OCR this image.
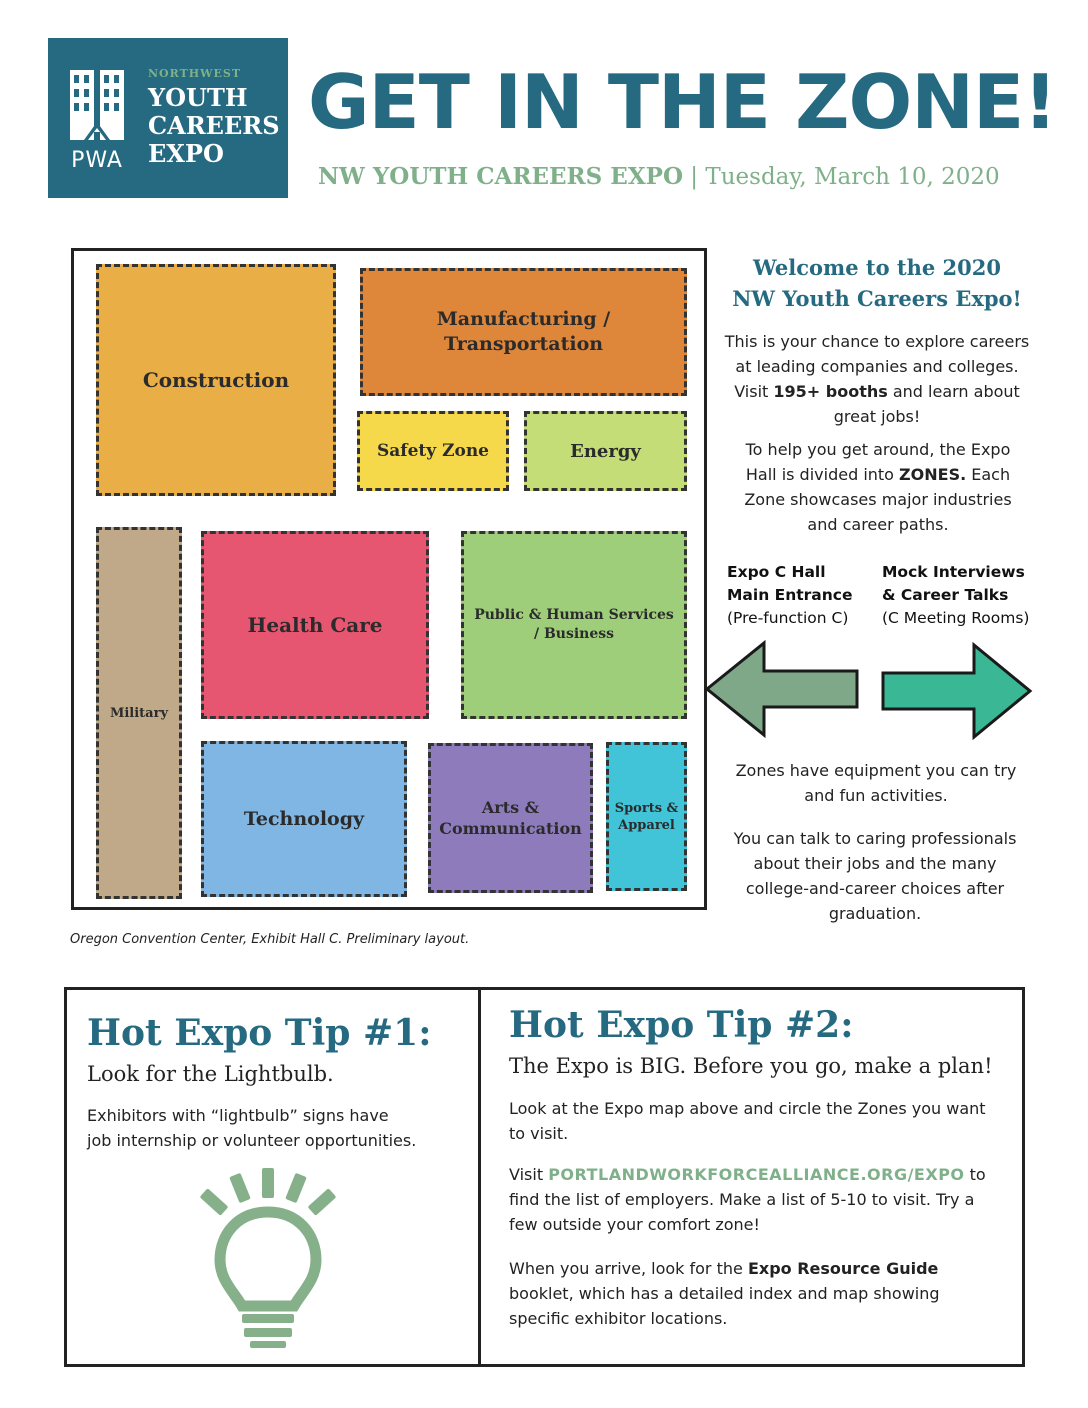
PWA
NORTHWEST
YOUTH
CAREERS
EXPO
GET IN THE ZONE!
NW YOUTH CAREERS EXPO | Tuesday, March 10, 2020
Construction
Manufacturing / Transportation
Safety Zone	Energy
Military
Health Care	Public & Human Services / Business
Technology
Arts & Communication
Sports & Apparel
Oregon Convention Center, Exhibit Hall C. Preliminary layout.
Welcome to the 2020
NW Youth Careers Expo!
This is your chance to explore careers at leading companies and colleges. Visit 195+ booths and learn about great jobs!
To help you get around, the Expo Hall is divided into ZONES. Each Zone showcases major industries and career paths.
Expo C Hall
Main Entrance
(Pre-function C)
Mock Interviews
& Career Talks
(C Meeting Rooms)
Zones have equipment you can try and fun activities.
You can talk to caring professionals about their jobs and the many college-and-career choices after graduation.
Hot Expo Tip #1:
Look for the Lightbulb.
Exhibitors with “lightbulb” signs have job internship or volunteer opportunities.
Hot Expo Tip #2:
The Expo is BIG. Before you go, make a plan!
Look at the Expo map above and circle the Zones you want to visit.
Visit PORTLANDWORKFORCEALLIANCE.ORG/EXPO to find the list of employers. Make a list of 5-10 to visit. Try a few outside your comfort zone!
When you arrive, look for the Expo Resource Guide booklet, which has a detailed index and map showing specific exhibitor locations.
